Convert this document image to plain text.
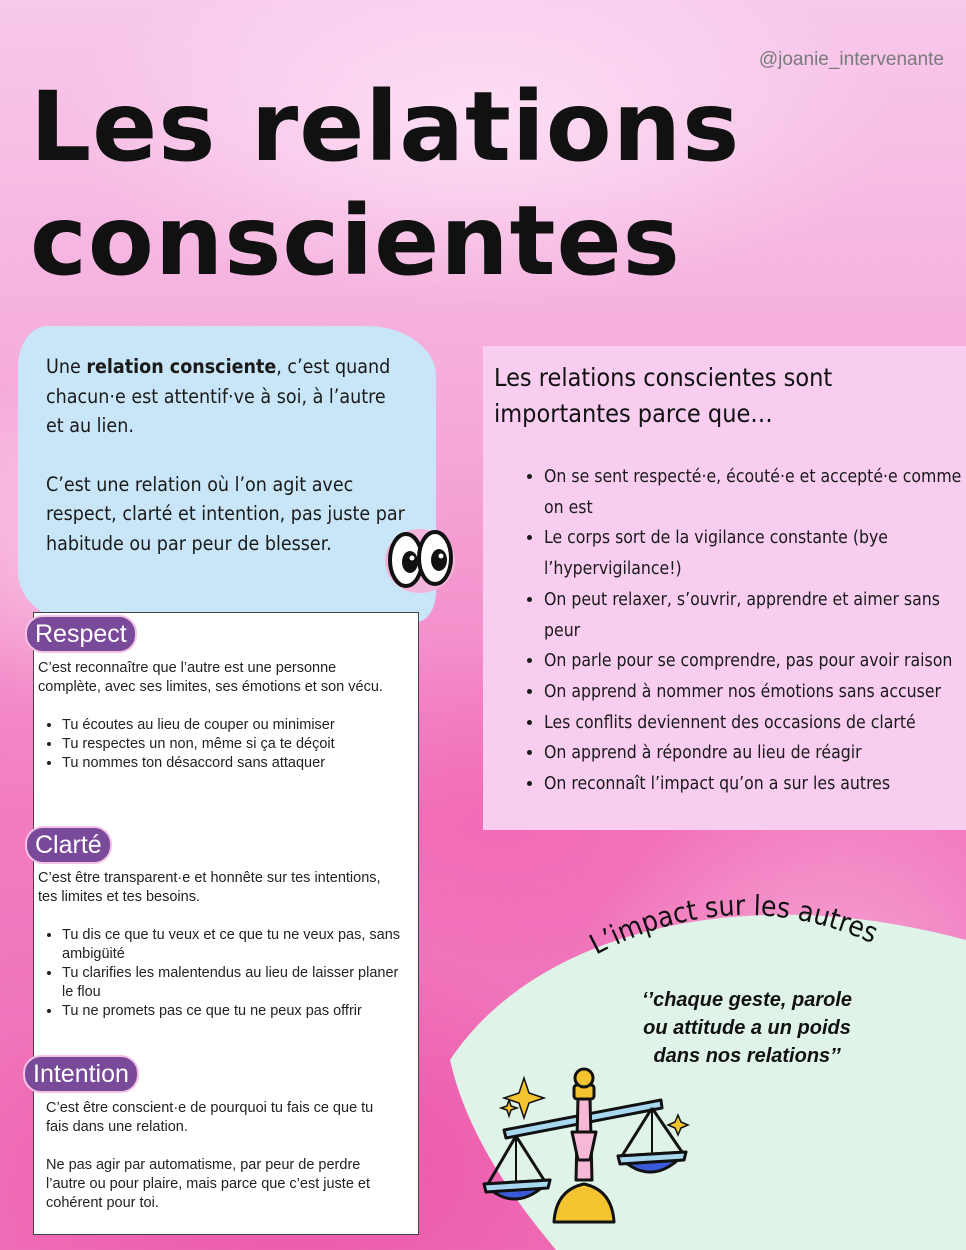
@joanie_intervenante
Les relations
conscientes

Une relation consciente, c’est quand chacun·e est attentif·ve à soi, à l’autre et au lien.

C’est une relation où l’on agit avec respect, clarté et intention, pas juste par habitude ou par peur de blesser.

Respect

C’est reconnaître que l’autre est une personne complète, avec ses limites, ses émotions et son vécu.

• Tu écoutes au lieu de couper ou minimiser
• Tu respectes un non, même si ça te déçoit
• Tu nommes ton désaccord sans attaquer
Clarté

C’est être transparent·e et honnête sur tes intentions, tes limites et tes besoins.

• Tu dis ce que tu veux et ce que tu ne veux pas, sans ambigüité
• Tu clarifies les malentendus au lieu de laisser planer le flou
• Tu ne promets pas ce que tu ne peux pas offrir
Intention

C’est être conscient·e de pourquoi tu fais ce que tu fais dans une relation.

Ne pas agir par automatisme, par peur de perdre l’autre ou pour plaire, mais parce que c’est juste et cohérent pour toi.

Les relations conscientes sont importantes parce que…
• On se sent respecté·e, écouté·e et accepté·e comme on est
• Le corps sort de la vigilance constante (bye l’hypervigilance!)
• On peut relaxer, s’ouvrir, apprendre et aimer sans peur
• On parle pour se comprendre, pas pour avoir raison
• On apprend à nommer nos émotions sans accuser
• Les conflits deviennent des occasions de clarté
• On apprend à répondre au lieu de réagir
• On reconnaît l’impact qu’on a sur les autres
L’impact sur les autres
‘’chaque geste, parole ou attitude a un poids dans nos relations’’
